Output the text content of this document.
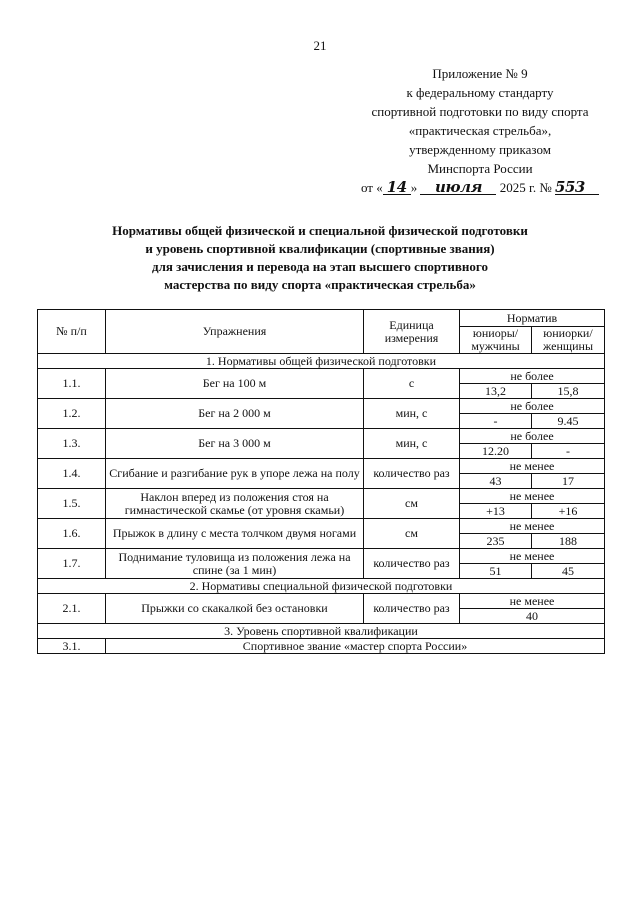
21
Приложение № 9
к федеральному стандарту
спортивной подготовки по виду спорта
«практическая стрельба»,
утвержденному приказом
Минспорта России
от « 14 » июля 2025 г. № 553
Нормативы общей физической и специальной физической подготовки
и уровень спортивной квалификации (спортивные звания)
для зачисления и перевода на этап высшего спортивного
мастерства по виду спорта «практическая стрельба»
№ п/п	Упражнения	Единица измерения	Норматив	
			юниоры/ мужчины	юниорки/ женщины
1. Нормативы общей физической подготовки				
1.1.	Бег на 100 м	с	не более	
			13,2	15,8
1.2.	Бег на 2 000 м	мин, с	не более	
			-	9.45
1.3.	Бег на 3 000 м	мин, с	не более	
			12.20	-
1.4.	Сгибание и разгибание рук в упоре лежа на полу	количество раз	не менее	
			43	17
1.5.	Наклон вперед из положения стоя на гимнастической скамье (от уровня скамьи)	см	не менее	
			+13	+16
1.6.	Прыжок в длину с места толчком двумя ногами	см	не менее	
			235	188
1.7.	Поднимание туловища из положения лежа на спине (за 1 мин)	количество раз	не менее	
			51	45
2. Нормативы специальной физической подготовки				
2.1.	Прыжки со скакалкой без остановки	количество раз	не менее	
			40	
3. Уровень спортивной квалификации				
3.1.	Спортивное звание «мастер спорта России»			
